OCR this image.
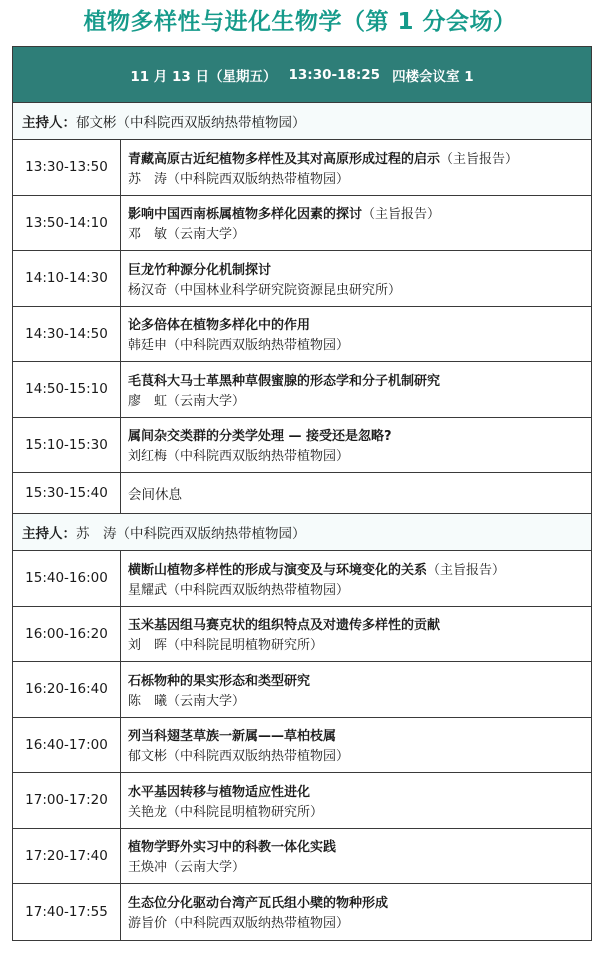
植物多样性与进化生物学（第 1 分会场）
11 月 13 日（星期五） 13:30-18:25 四楼会议室 1
主持人： 郁文彬（中科院西双版纳热带植物园）
13:30-13:50	青藏高原古近纪植物多样性及其对高原形成过程的启示（主旨报告）
苏　涛（中科院西双版纳热带植物园）
13:50-14:10	影响中国西南栎属植物多样化因素的探讨（主旨报告）
邓　敏（云南大学）
14:10-14:30	巨龙竹种源分化机制探讨
杨汉奇（中国林业科学研究院资源昆虫研究所）
14:30-14:50	论多倍体在植物多样化中的作用
韩廷申（中科院西双版纳热带植物园）
14:50-15:10	毛茛科大马士革黑种草假蜜腺的形态学和分子机制研究
廖　虹（云南大学）
15:10-15:30	属间杂交类群的分类学处理 — 接受还是忽略?
刘红梅（中科院西双版纳热带植物园）
15:30-15:40	会间休息
主持人： 苏　涛（中科院西双版纳热带植物园）
15:40-16:00	横断山植物多样性的形成与演变及与环境变化的关系（主旨报告）
星耀武（中科院西双版纳热带植物园）
16:00-16:20	玉米基因组马赛克状的组织特点及对遗传多样性的贡献
刘　晖（中科院昆明植物研究所）
16:20-16:40	石栎物种的果实形态和类型研究
陈　曦（云南大学）
16:40-17:00	列当科翅茎草族一新属——草柏枝属
郁文彬（中科院西双版纳热带植物园）
17:00-17:20	水平基因转移与植物适应性进化
关艳龙（中科院昆明植物研究所）
17:20-17:40	植物学野外实习中的科教一体化实践
王焕冲（云南大学）
17:40-17:55	生态位分化驱动台湾产瓦氏组小檗的物种形成
游旨价（中科院西双版纳热带植物园）
